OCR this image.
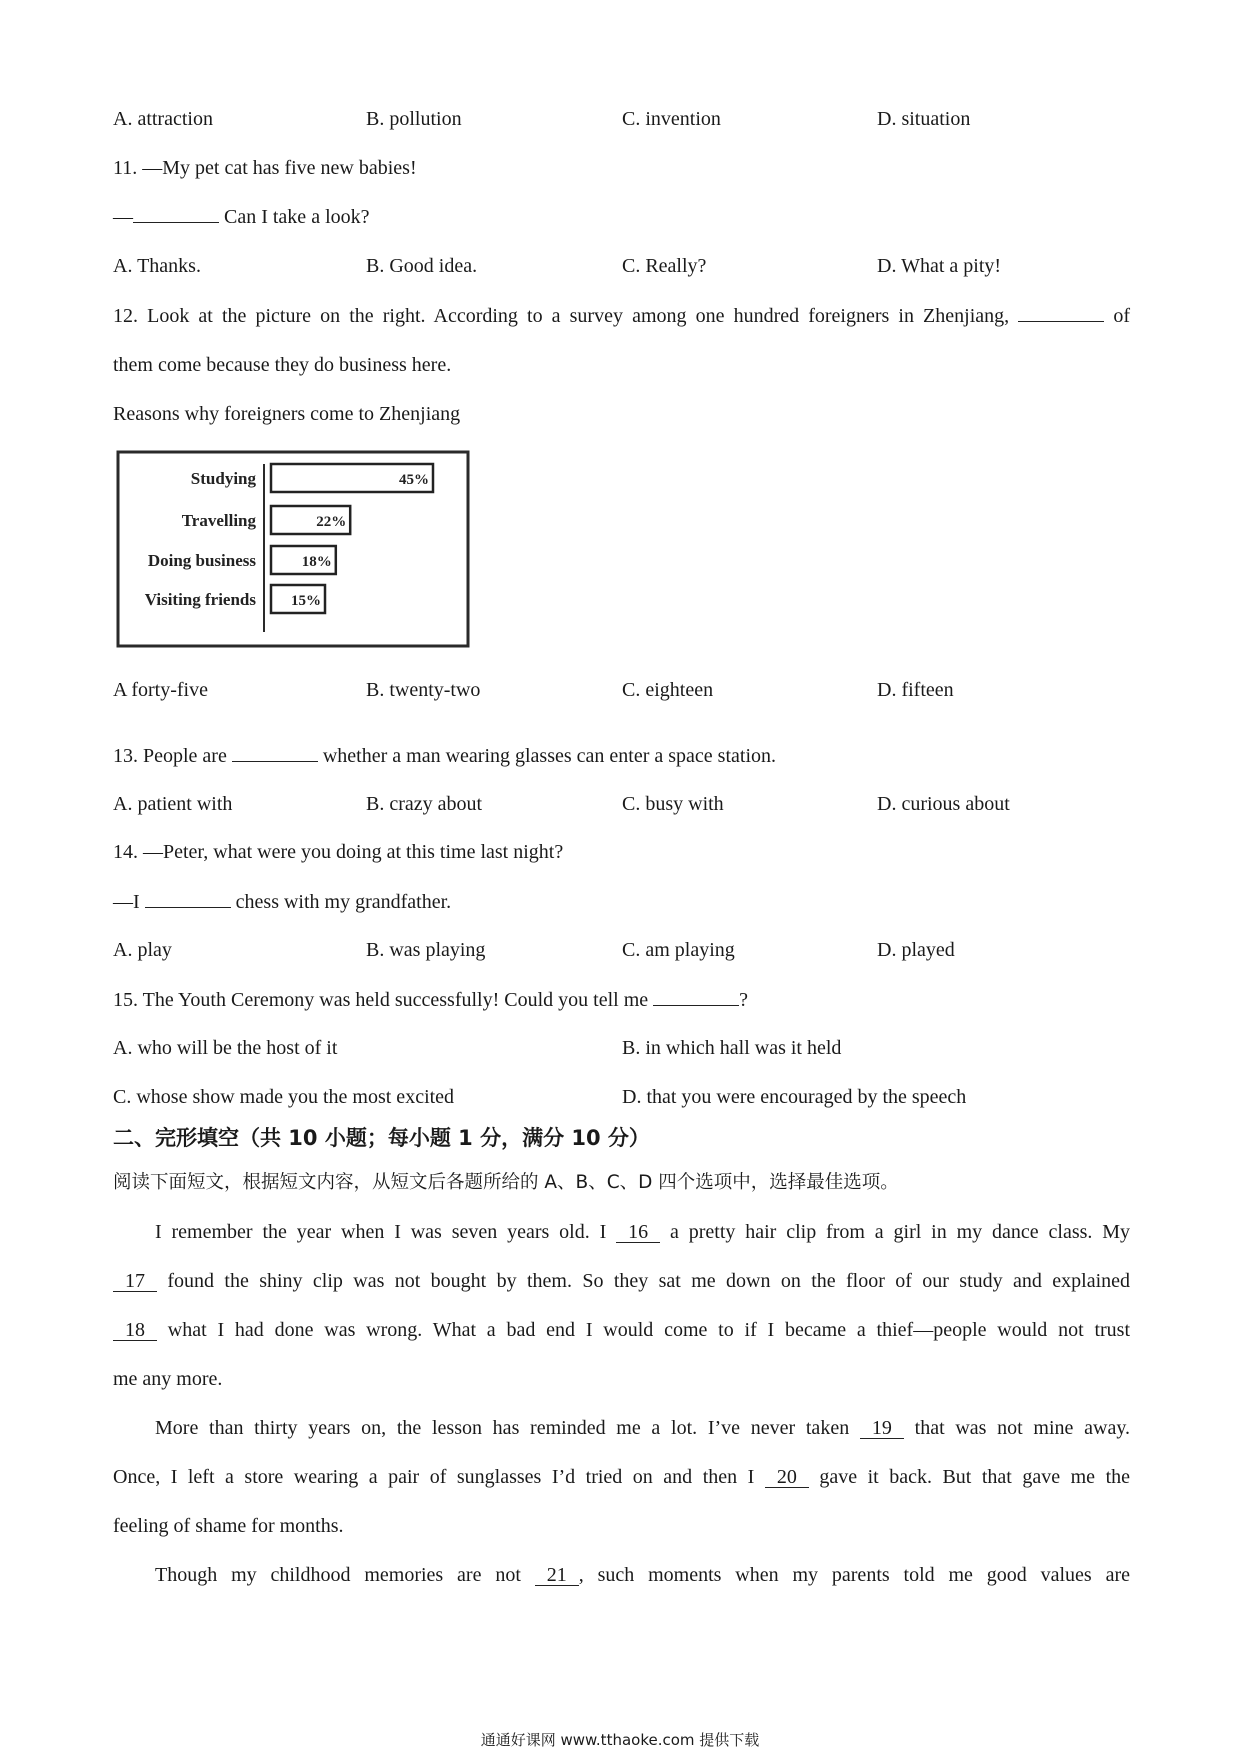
A. attraction	B. pollution	C. invention	D. situation
11. —My pet cat has five new babies!
—	Can I take a look?
A. Thanks.	B. Good idea.	C. Really?	D. What a pity!
12. Look at the picture on the right. According to a survey among one hundred foreigners in Zhenjiang,	of
them come because they do business here.
Reasons why foreigners come to Zhenjiang
Studying	45%
Travelling	22%
Doing business	18%
Visiting friends 15%
A forty-five	B. twenty-two	C. eighteen	D. fifteen
13. People are	whether a man wearing glasses can enter a space station.
A. patient with	B. crazy about	C. busy with	D. curious about
14. —Peter, what were you doing at this time last night?
—I	chess with my grandfather.
A. play	B. was playing	C. am playing	D. played
15. The Youth Ceremony was held successfully! Could you tell me	?
A. who will be the host of it	B. in which hall was it held
C. whose show made you the most excited	D. that you were encouraged by the speech
二、完形填空（共 10 小题；每小题 1 分，满分 10 分）
阅读下面短文，根据短文内容，从短文后各题所给的 A、B、C、D 四个选项中，选择最佳选项。
I remember the year when I was seven years old. I 16 a pretty hair clip from a girl in my dance class. My
17 found the shiny clip was not bought by them. So they sat me down on the floor of our study and explained
18 what I had done was wrong. What a bad end I would come to if I became a thief—people would not trust
me any more.
More than thirty years on, the lesson has reminded me a lot. I’ve never taken 19 that was not mine away.
Once, I left a store wearing a pair of sunglasses I’d tried on and then I 20 gave it back. But that gave me the
feeling of shame for months.
Though my childhood memories are not 21 , such moments when my parents told me good values are
通通好课网 www.tthaoke.com 提供下载
